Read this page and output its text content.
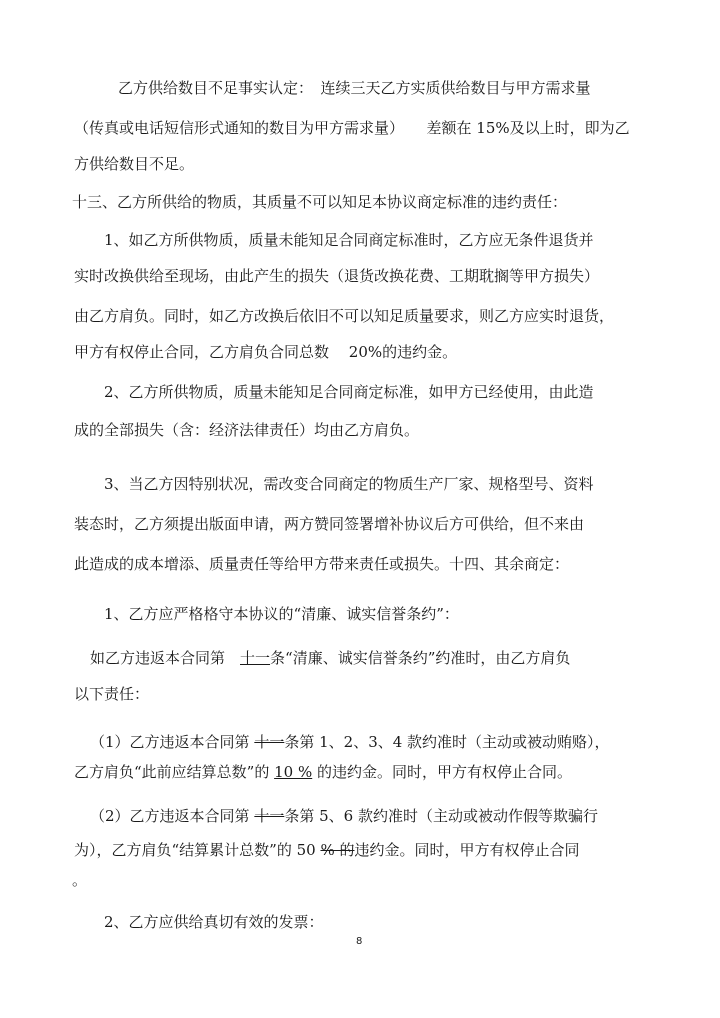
乙方供给数目不足事实认定：　连续三天乙方实质供给数目与甲方需求量
（传真或电话短信形式通知的数目为甲方需求量）　　差额在 15%及以上时，即为乙
方供给数目不足。
十三、乙方所供给的物质，其质量不可以知足本协议商定标准的违约责任：
1、如乙方所供物质，质量未能知足合同商定标准时，乙方应无条件退货并
实时改换供给至现场，由此产生的损失（退货改换花费、工期耽搁等甲方损失）
由乙方肩负。同时，如乙方改换后依旧不可以知足质量要求，则乙方应实时退货，
甲方有权停止合同，乙方肩负合同总数　 20%的违约金。
2、乙方所供物质，质量未能知足合同商定标准，如甲方已经使用，由此造
成的全部损失（含：经济法律责任）均由乙方肩负。
3、当乙方因特别状况，需改变合同商定的物质生产厂家、规格型号、资料
装态时，乙方须提出版面申请，两方赞同签署增补协议后方可供给，但不来由
此造成的成本增添、质量责任等给甲方带来责任或损失。十四、其余商定：
1、乙方应严格格守本协议的“清廉、诚实信誉条约”：
如乙方违返本合同第　十一条“清廉、诚实信誉条约”约准时，由乙方肩负
以下责任：
（1）乙方违返本合同第 十一条第 1、2、3、4 款约准时（主动或被动贿赂），
乙方肩负“此前应结算总数”的 10 % 的违约金。同时，甲方有权停止合同。
（2）乙方违返本合同第 十一条第 5、6 款约准时（主动或被动作假等欺骗行
为），乙方肩负“结算累计总数”的 50 % 的违约金。同时，甲方有权停止合同
。
2、乙方应供给真切有效的发票：
8
